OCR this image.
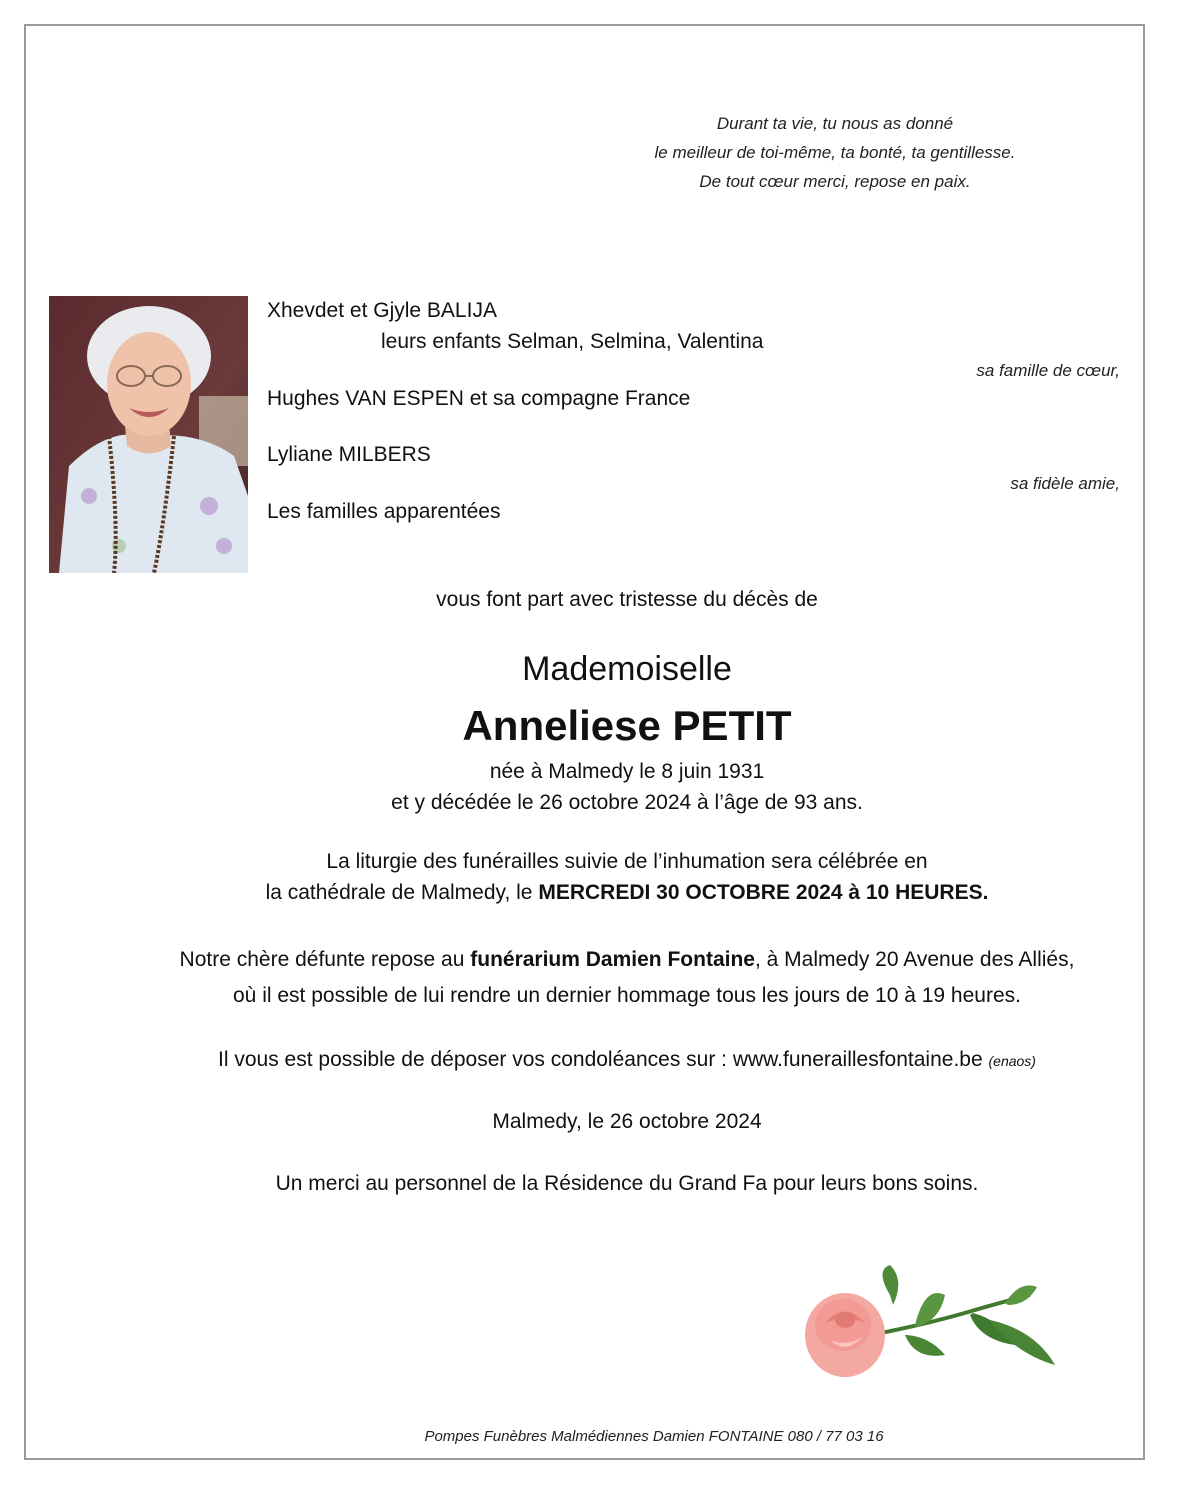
Durant ta vie, tu nous as donné
le meilleur de toi-même, ta bonté, ta gentillesse.
De tout cœur merci, repose en paix.
Xhevdet et Gjyle BALIJA
leurs enfants Selman, Selmina, Valentina
sa famille de cœur,
Hughes VAN ESPEN et sa compagne France
Lyliane MILBERS
sa fidèle amie,
Les familles apparentées
vous font part avec tristesse du décès de
Mademoiselle
Anneliese PETIT
née à Malmedy le 8 juin 1931
et y décédée le 26 octobre 2024 à l’âge de 93 ans.
La liturgie des funérailles suivie de l’inhumation sera célébrée en
la cathédrale de Malmedy, le MERCREDI 30 OCTOBRE 2024 à 10 HEURES.
Notre chère défunte repose au funérarium Damien Fontaine, à Malmedy 20 Avenue des Alliés,
où il est possible de lui rendre un dernier hommage tous les jours de 10 à 19 heures.
Il vous est possible de déposer vos condoléances sur : www.funeraillesfontaine.be (enaos)
Malmedy, le 26 octobre 2024
Un merci au personnel de la Résidence du Grand Fa pour leurs bons soins.
Pompes Funèbres Malmédiennes Damien FONTAINE 080 / 77 03 16
